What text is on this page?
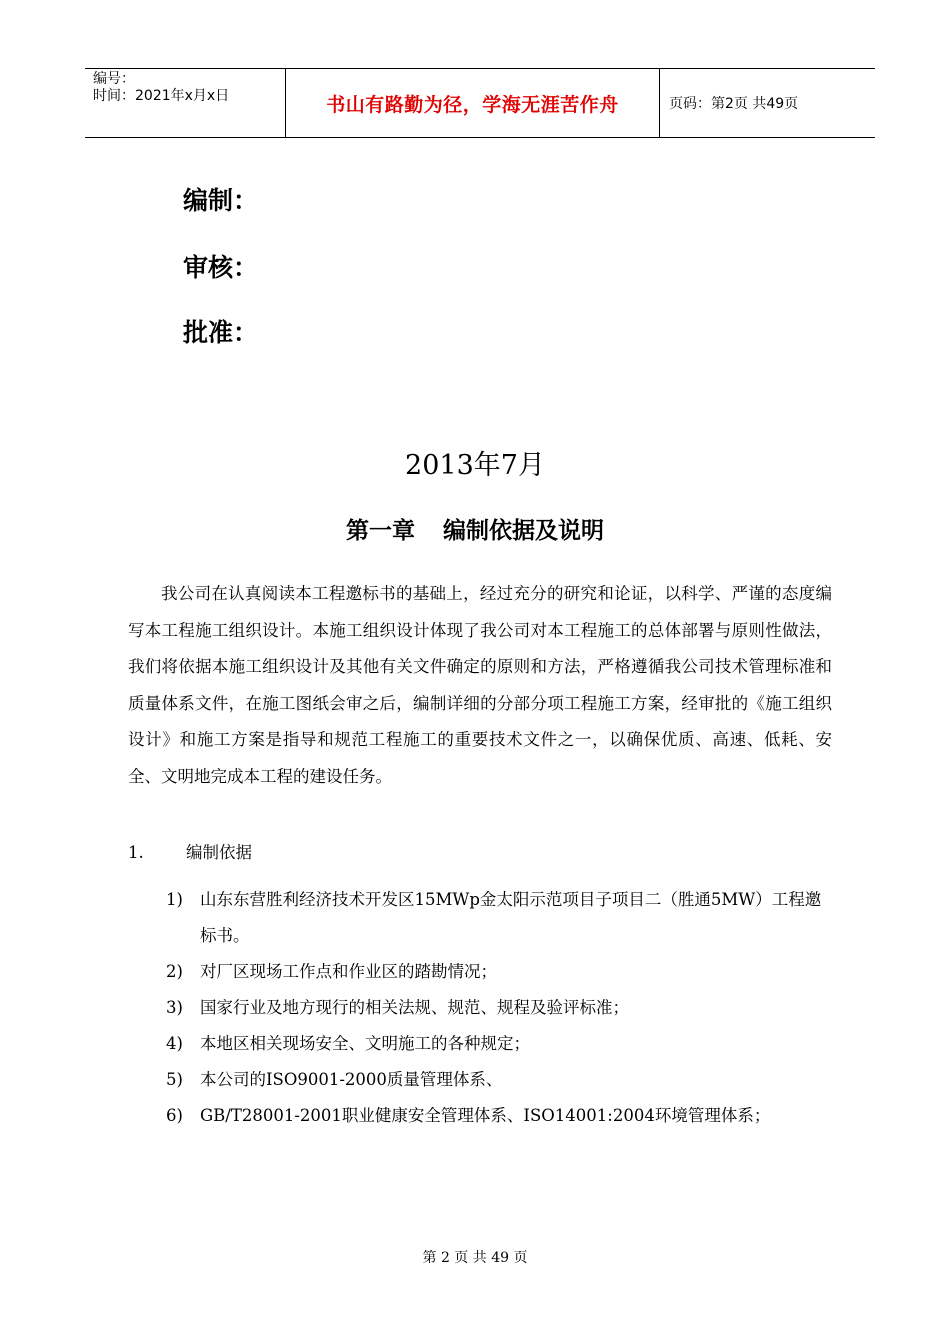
编号：
时间：2021年x月x日	书山有路勤为径，学海无涯苦作舟	页码：第2页 共49页
编制：
审核：
批准：
2013年7月
第一章 编制依据及说明

我公司在认真阅读本工程邀标书的基础上，经过充分的研究和论证，以科学、严谨的态度编写本工程施工组织设计。本施工组织设计体现了我公司对本工程施工的总体部署与原则性做法，我们将依据本施工组织设计及其他有关文件确定的原则和方法，严格遵循我公司技术管理标准和质量体系文件，在施工图纸会审之后，编制详细的分部分项工程施工方案，经审批的《施工组织设计》和施工方案是指导和规范工程施工的重要技术文件之一，以确保优质、高速、低耗、安全、文明地完成本工程的建设任务。

1.	编制依据
1) 山东东营胜利经济技术开发区15MWp金太阳示范项目子项目二（胜通5MW）工程邀标书。
2) 对厂区现场工作点和作业区的踏勘情况；
3) 国家行业及地方现行的相关法规、规范、规程及验评标准；
4) 本地区相关现场安全、文明施工的各种规定；
5) 本公司的ISO9001-2000质量管理体系、
6) GB/T28001-2001职业健康安全管理体系、ISO14001:2004环境管理体系；
第 2 页 共 49 页
